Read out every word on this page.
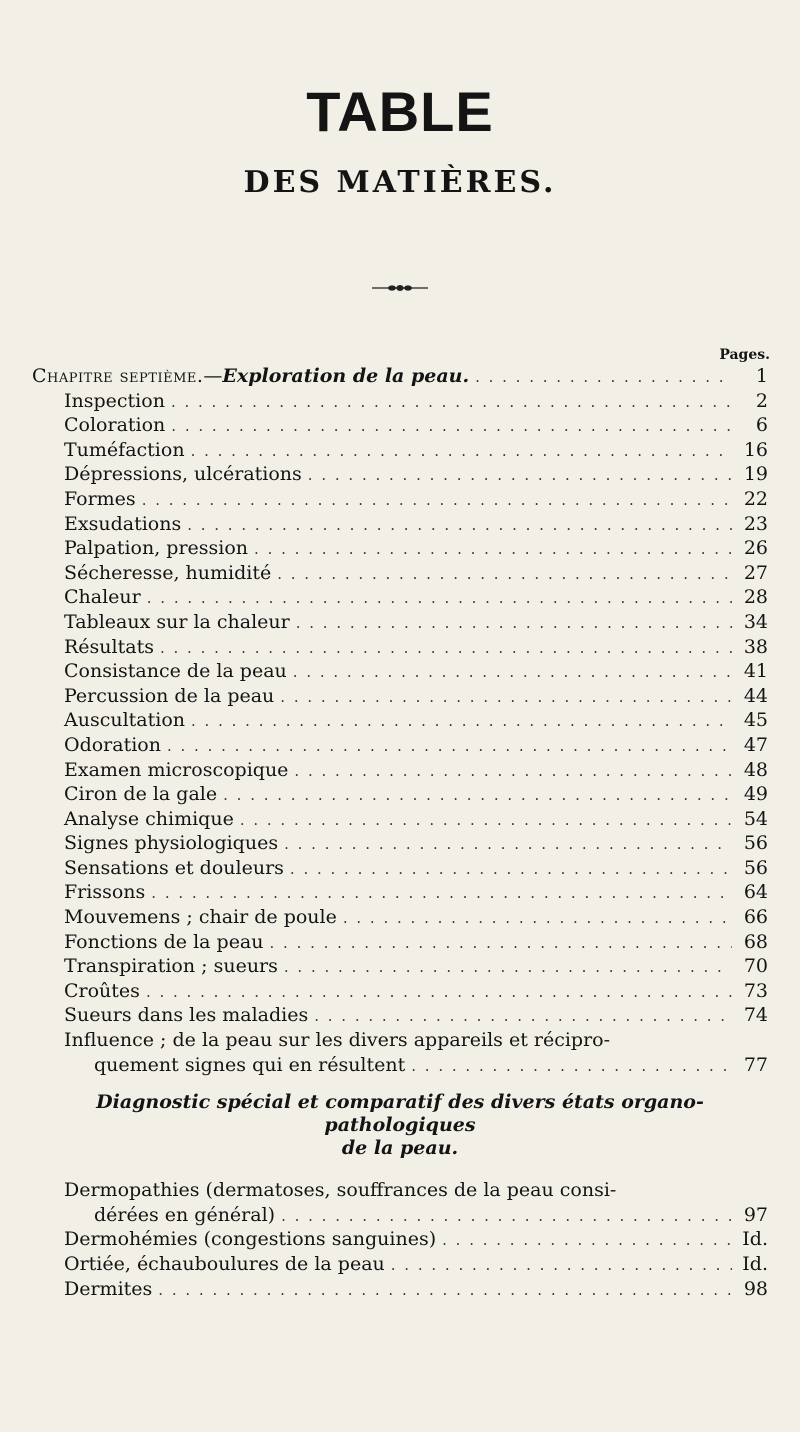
TABLE
DES MATIÈRES.
Pages.
Chapitre septième.—Exploration de la peau. . . .	1
Inspection . . .	2
Coloration . . .	6
Tuméfaction . . .	16
Dépressions, ulcérations . . .	19
Formes . . .	22
Exsudations . . .	23
Palpation, pression . . .	26
Sécheresse, humidité . . .	27
Chaleur . . .	28
Tableaux sur la chaleur . . .	34
Résultats . . .	38
Consistance de la peau . . .	41
Percussion de la peau . . .	44
Auscultation . . .	45
Odoration . . .	47
Examen microscopique . . .	48
Ciron de la gale . . .	49
Analyse chimique . . .	54
Signes physiologiques . . .	56
Sensations et douleurs . . .	56
Frissons . . .	64
Mouvemens ; chair de poule . . .	66
Fonctions de la peau . . .	68
Transpiration ; sueurs . . .	70
Croûtes . . .	73
Sueurs dans les maladies . . .	74
Influence ; de la peau sur les divers appareils et récipro-
quement signes qui en résultent . . .	77
Diagnostic spécial et comparatif des divers états organo-pathologiques
de la peau.
Dermopathies (dermatoses, souffrances de la peau consi-
dérées en général) . . .	97
Dermohémies (congestions sanguines) . . .	Id.
Ortiée, échauboulures de la peau . . .	Id.
Dermites . . .	98
